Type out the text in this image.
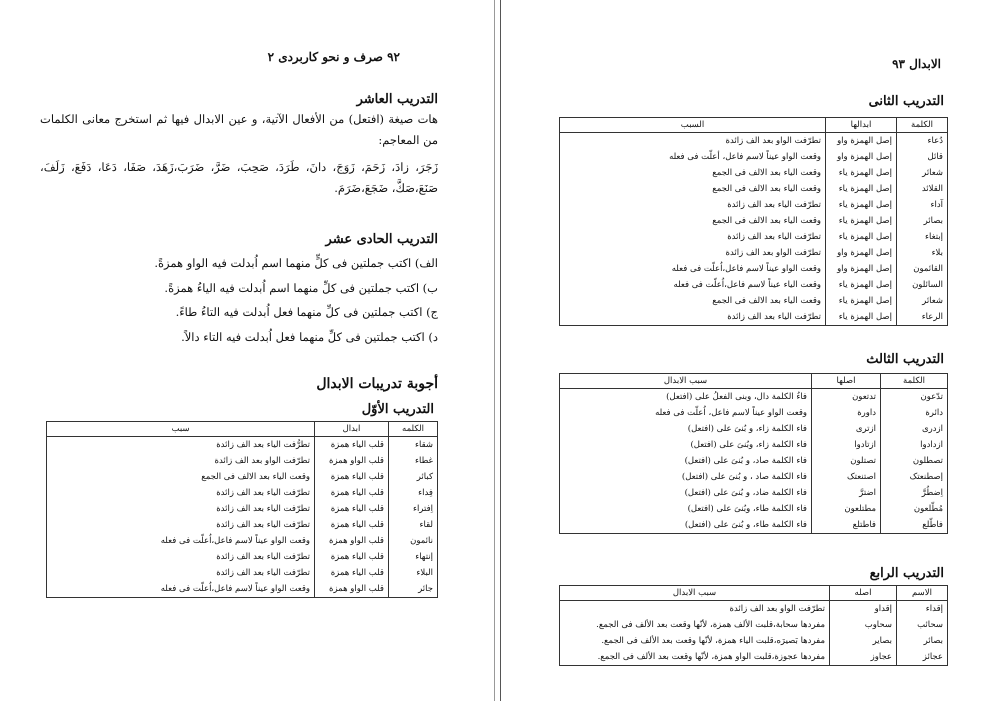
۹۲ صرف و نحو کاربردی ۲
التدریب العاشر
هات صیغة (افتعل) من الأفعال الآتیة، و عین الابدال فیها ثم استخرج معانی الکلمات من المعاجم:
زَجَرَ، زادَ، زَحَمَ، زَوَجَ، دانَ، طَرَدَ، صَحِبَ، ضَرَّ، ضَرَبَ،زَهَدَ، صَفَا، دَعَا، دَفَعَ، زَلَفَ، صَنَعَ،صَكَّ، ضَجَعَ،ضَرَمَ.
التدریب الحادی عشر
الف) اکتب جملتین فی کلٍّ منهما اسم اُبدلت فیه الواو همزةً.
ب) اکتب جملتین فی کلِّ منهما اسم اُبدلت فیه الیاءُ همزةً.
ج) اکتب جملتین فی کلِّ منهما فعل اُبدلت فیه التاءُ طاءً.
د) اکتب جملتین فی کلِّ منهما فعل اُبدلت فیه التاء دالاً.
أجوبة تدریبات الابدال
التدریب الأوّل
الکلمه	ابدال	سبب
شقاء	قلب الیاء همزة	تطرُّفت الیاء بعد الف زائدة
غطاء	قلب الواو همزة	تطرّفت الواو بعد الف زائدة
کبائر	قلب الیاء همزة	وقعت الیاء بعد الالف فی الجمع
فِداء	قلب الیاء همزة	تطرّفت الیاء بعد الف زائدة
اِفتراء	قلب الیاء همزة	تطرّفت الیاء بعد الف زائدة
لقاء	قلب الیاء همزة	تطرّفت الیاء بعد الف زائدة
نائمون	قلب الواو همزة	وقعت الواو عیناً لاسم فاعل،اُعلّت فی فعله
إنتهاء	قلب الیاء همزة	تطرّفت الیاء بعد الف زائدة
البلاء	قلب الیاء همزة	تطرّفت الیاء بعد الف زائدة
جائر	قلب الواو همزة	وقعت الواو عیناً لاسم فاعل،اُعلّت فی فعله
الابدال ۹۳
التدریب الثانی
الکلمة	ابدالها	السبب
دُعاء	إصل الهمزة واو	تطرّفت الواو بعد الف زائدة
قائل	إصل الهمزة واو	وقعت الواو عیناً لاسم فاعل، أعلّت فی فعله
شعائر	إصل الهمزة یاء	وقعت الیاء بعد الالف فی الجمع
القلائد	إصل الهمزة یاء	وقعت الیاء بعد الالف فی الجمع
آداء	إصل الهمزة یاء	تطرّفت الیاء بعد الف زائدة
بصائر	إصل الهمزة یاء	وقعت الیاء بعد الالف فی الجمع
إبتغاء	إصل الهمزة یاء	تطرّفت الیاء بعد الف زائدة
بلاء	إصل الهمزة واو	تطرّفت الواو بعد الف زائدة
القائمون	إصل الهمزة واو	وقعت الواو عیناً لاسم فاعل،اُعلّت فی فعله
السائلون	إصل الهمزة یاء	وقعت الیاء عیناً لاسم فاعل،اُعلّت فی فعله
شعائر	إصل الهمزة یاء	وقعت الیاء بعد الالف فی الجمع
الرعاء	إصل الهمزة یاء	تطرّفت الیاء بعد الف زائدة
التدریب الثالث
الکلمة	اصلها	سبب الابدال
تدّعون	تدتعون	فاءُ الکلمة دال، وبنی الفعلُ علی (افتعل)
دائرة	داورة	وقعت الواو عیناً لاسم فاعل، اُعلّت فی فعله
ازدری	ازتری	فاء الکلمة زاء، و بُنیَ علی (افتعل)
ازدادوا	ازتادوا	فاء الکلمة زاء، وبُنیَ علی (افتعل)
تصطلون	تصتلون	فاء الکلمة صاد، و بُنیَ علی (افتعل)
إصطنعتک	اصتنعتک	فاء الکلمة صاد ، و بُنیَ علی (افتعل)
اِضطُرَّ	اضترَّ	فاء الکلمة ضاد، و بُنیَ علی (افتعل)
مُطّلعون	مطتلعون	فاء الکلمة طاء، وبُنیَ علی (افتعل)
فاطّلع	فاطتلع	فاء الکلمة طاء، و بُنیَ علی (افتعل)
التدریب الرابع
الاسم	اصله	سبب الابدال
إقداء	إقداو	تطرّفت الواو بعد الف زائدة
سحائب	سحاوب	مفردها سحابة،قلبت الألف همزة، لأنّها وقعت بعد الألف فی الجمع.
بصائر	بصایر	مفردها بَصیرَه،قلبت الیاء همزة، لأنّها وقعت بعد الألف فی الجمع.
عجائز	عجاوز	مفردها عجوزة،قلبت الواو همزة، لأنّها وقعت بعد الألف فی الجمع.
